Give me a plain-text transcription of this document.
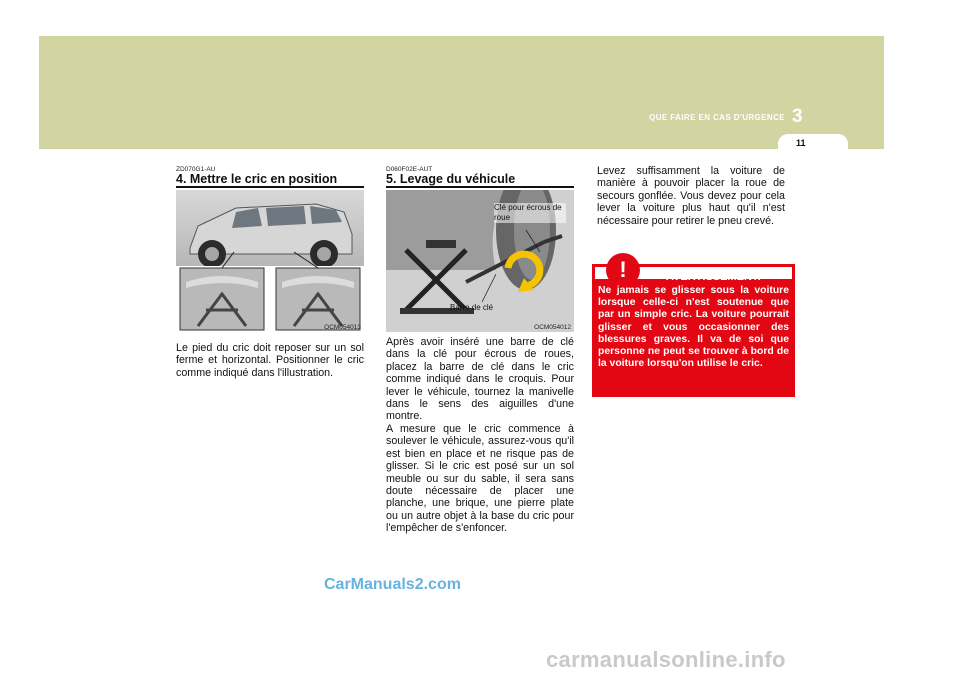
QUE FAIRE EN CAS D'URGENCE 3
11
ZD070G1-AU
4. Mettre le cric en position
OCM054013

Le pied du cric doit reposer sur un sol ferme et horizontal. Positionner le cric comme indiqué dans l'illustration.

D060F02E-AUT
5. Levage du véhicule
Clé pour écrous de roue
Barre de clé
OCM054012

Après avoir inséré une barre de clé dans la clé pour écrous de roues, placez la barre de clé dans le cric comme indiqué dans le croquis. Pour lever le véhicule, tournez la manivelle dans le sens des aiguilles d'une montre.

A mesure que le cric commence à soulever le véhicule, assurez-vous qu'il est bien en place et ne risque pas de glisser. Si le cric est posé sur un sol meuble ou sur du sable, il sera sans doute nécessaire de placer une planche, une brique, une pierre plate ou un autre objet à la base du cric pour l'empêcher de s'enfoncer.

Levez suffisamment la voiture de manière à pouvoir placer la roue de secours gonflée. Vous devez pour cela lever la voiture plus haut qu'il n'est nécessaire pour retirer le pneu crevé.

!	AVERTISSEMENT:

Ne jamais se glisser sous la voiture lorsque celle-ci n'est soutenue que par un simple cric. La voiture pourrait glisser et vous occasionner des blessures graves. Il va de soi que personne ne peut se trouver à bord de la voiture lorsqu'on utilise le cric.

CarManuals2.com
carmanualsonline.info
